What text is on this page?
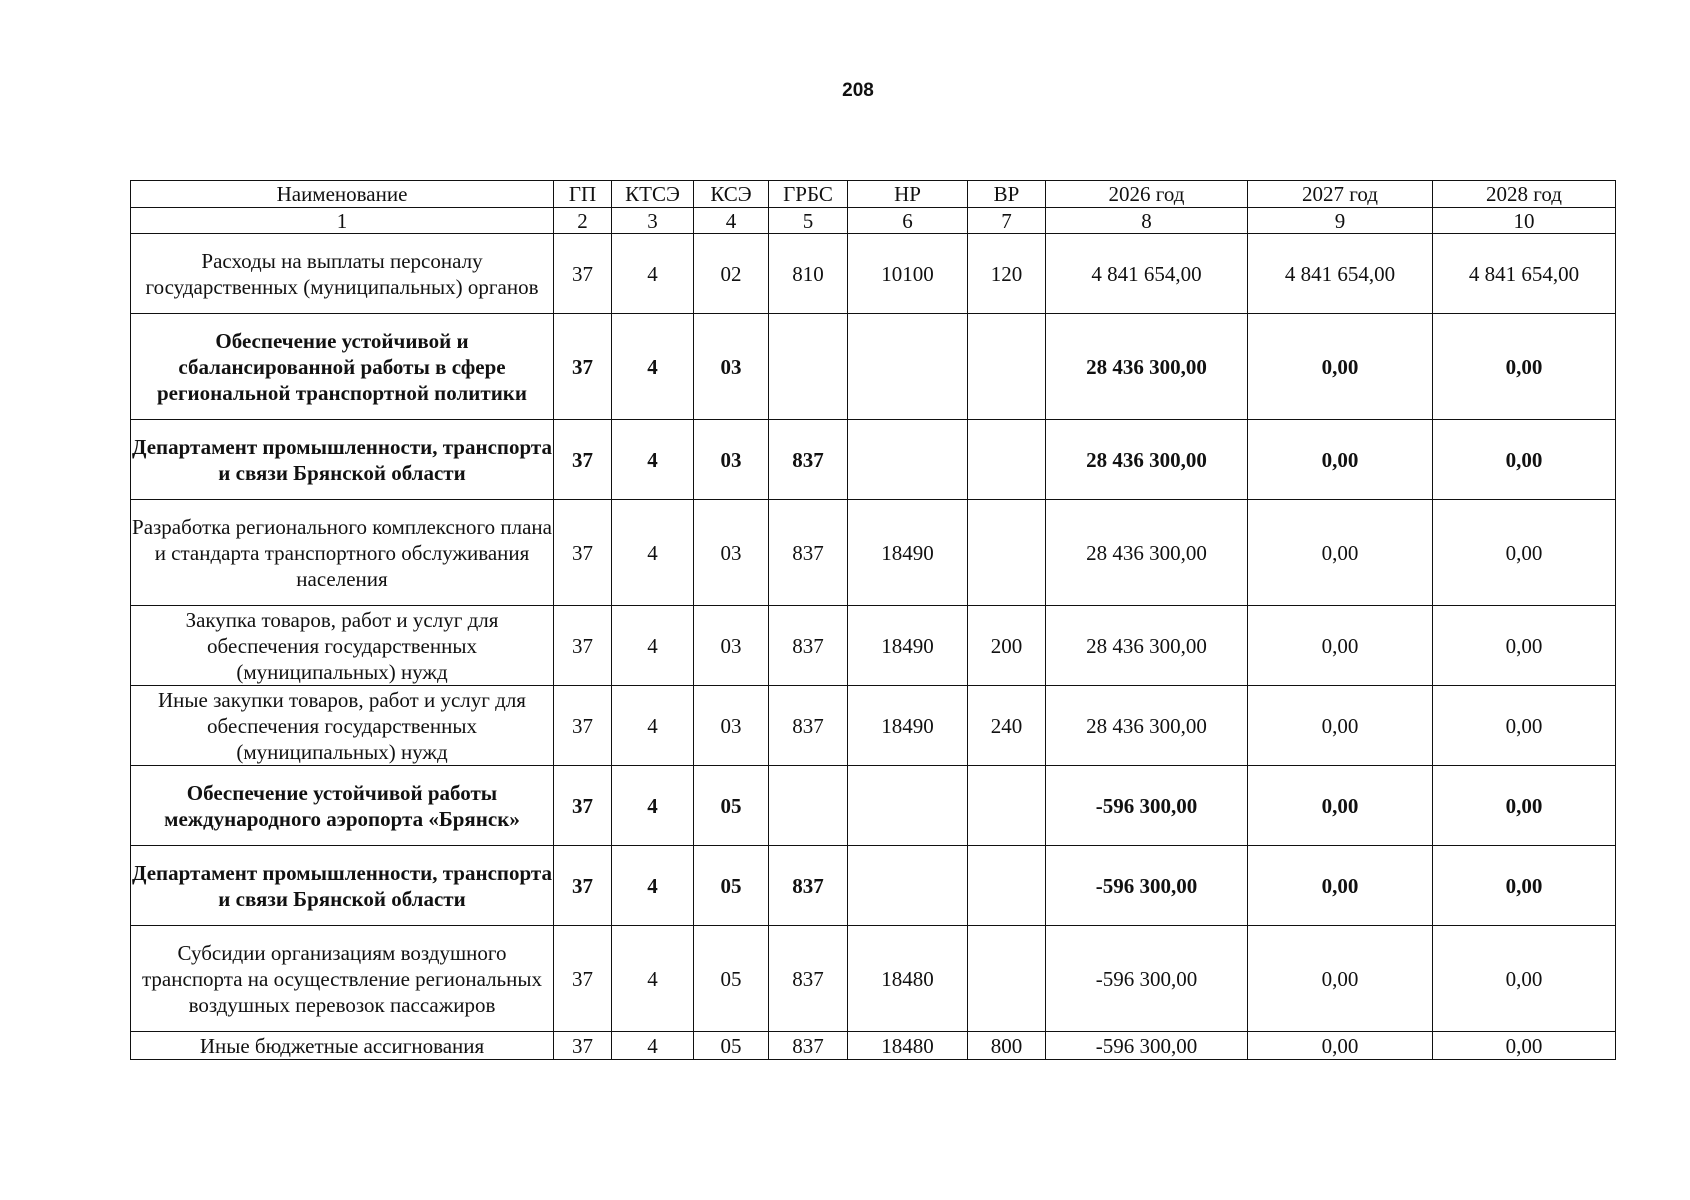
208
Наименование	ГП	КТСЭ	КСЭ	ГРБС	НР	ВР	2026 год	2027 год	2028 год
1	2	3	4	5	6	7	8	9	10
Расходы на выплаты персоналу государственных (муниципальных) органов	37	4	02	810	10100	120	4 841 654,00	4 841 654,00	4 841 654,00
Обеспечение устойчивой и сбалансированной работы в сфере региональной транспортной политики	37	4	03				28 436 300,00	0,00	0,00
Департамент промышленности, транспорта и связи Брянской области	37	4	03	837			28 436 300,00	0,00	0,00
Разработка регионального комплексного плана и стандарта транспортного обслуживания населения	37	4	03	837	18490		28 436 300,00	0,00	0,00
Закупка товаров, работ и услуг для обеспечения государственных (муниципальных) нужд	37	4	03	837	18490	200	28 436 300,00	0,00	0,00
Иные закупки товаров, работ и услуг для обеспечения государственных (муниципальных) нужд	37	4	03	837	18490	240	28 436 300,00	0,00	0,00
Обеспечение устойчивой работы международного аэропорта «Брянск»	37	4	05				-596 300,00	0,00	0,00
Департамент промышленности, транспорта и связи Брянской области	37	4	05	837			-596 300,00	0,00	0,00
Субсидии организациям воздушного транспорта на осуществление региональных воздушных перевозок пассажиров	37	4	05	837	18480		-596 300,00	0,00	0,00
Иные бюджетные ассигнования	37	4	05	837	18480	800	-596 300,00	0,00	0,00
